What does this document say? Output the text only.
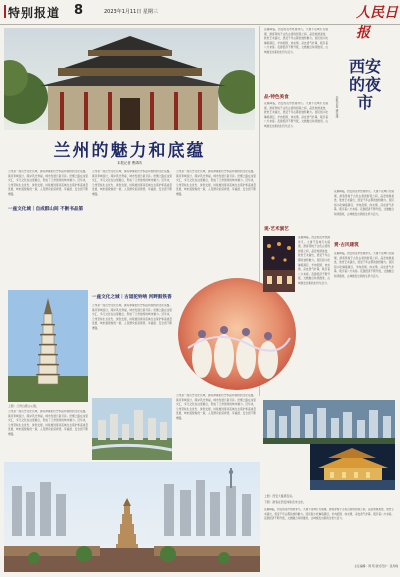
特别报道 8	2023年1月11日 星期三	人民日报
兰州的魅力和底蕴
本报记者 曹鸿鸣
兰州是一座历史文化名城，拥有厚重的历史积淀和独特的文化底蕴。黄河穿城而过，两岸风光秀丽，城市发展日新月异。丝绸之路在这里交汇，多元文化在这里融合，形成了兰州独特的城市魅力。近年来，兰州坚持生态优先、绿色发展，持续推进黄河流域生态保护和高质量发展，城市面貌焕然一新，人民群众的获得感、幸福感、安全感不断增强。
兰州是一座历史文化名城，拥有厚重的历史积淀和独特的文化底蕴。黄河穿城而过，两岸风光秀丽，城市发展日新月异。丝绸之路在这里交汇，多元文化在这里融合，形成了兰州独特的城市魅力。近年来，兰州坚持生态优先、绿色发展，持续推进黄河流域生态保护和高质量发展，城市面貌焕然一新，人民群众的获得感、幸福感、安全感不断增强。
兰州是一座历史文化名城，拥有厚重的历史积淀和独特的文化底蕴。黄河穿城而过，两岸风光秀丽，城市发展日新月异。丝绸之路在这里交汇，多元文化在这里融合，形成了兰州独特的城市魅力。近年来，兰州坚持生态优先、绿色发展，持续推进黄河流域生态保护和高质量发展，城市面貌焕然一新，人民群众的获得感、幸福感、安全感不断增强。
一座文化城｜自成群山间 不断书品第
上图：兰州白塔山公园。
兰州是一座历史文化名城，拥有厚重的历史积淀和独特的文化底蕴。黄河穿城而过，两岸风光秀丽，城市发展日新月异。丝绸之路在这里交汇，多元文化在这里融合，形成了兰州独特的城市魅力。近年来，兰州坚持生态优先、绿色发展，持续推进黄河流域生态保护和高质量发展，城市面貌焕然一新，人民群众的获得感、幸福感、安全感不断增强。
一座文化之城｜古道驼铃响 河畔鼓铁香
兰州是一座历史文化名城，拥有厚重的历史积淀和独特的文化底蕴。黄河穿城而过，两岸风光秀丽，城市发展日新月异。丝绸之路在这里交汇，多元文化在这里融合，形成了兰州独特的城市魅力。近年来，兰州坚持生态优先、绿色发展，持续推进黄河流域生态保护和高质量发展，城市面貌焕然一新，人民群众的获得感、幸福感、安全感不断增强。
兰州是一座历史文化名城，拥有厚重的历史积淀和独特的文化底蕴。黄河穿城而过，两岸风光秀丽，城市发展日新月异。丝绸之路在这里交汇，多元文化在这里融合，形成了兰州独特的城市魅力。近年来，兰州坚持生态优先、绿色发展，持续推进黄河流域生态保护和高质量发展，城市面貌焕然一新，人民群众的获得感、幸福感、安全感不断增强。
夜幕降临，西安的夜市热闹非凡。大唐不夜城灯火璀璨，游客穿梭于古色古香的街巷之间，品尝地道美食，欣赏艺术演出，感受千年古都的独特魅力。回民街小吃琳琅满目，羊肉泡馍、肉夹馍、凉皮香气扑鼻，吸引着八方来客。夜游经济不断升级，文旅融合持续推进，古城焕发出新的生机与活力。
品·特色美食
夜幕降临，西安的夜市热闹非凡。大唐不夜城灯火璀璨，游客穿梭于古色古香的街巷之间，品尝地道美食，欣赏艺术演出，感受千年古都的独特魅力。回民街小吃琳琅满目，羊肉泡馍、肉夹馍、凉皮香气扑鼻，吸引着八方来客。夜游经济不断升级，文旅融合持续推进，古城焕发出新的生机与活力。
西安
的夜
市
本报记者 龚仕建
夜幕降临，西安的夜市热闹非凡。大唐不夜城灯火璀璨，游客穿梭于古色古香的街巷之间，品尝地道美食，欣赏艺术演出，感受千年古都的独特魅力。回民街小吃琳琅满目，羊肉泡馍、肉夹馍、凉皮香气扑鼻，吸引着八方来客。夜游经济不断升级，文旅融合持续推进，古城焕发出新的生机与活力。
赏·古风建筑
夜幕降临，西安的夜市热闹非凡。大唐不夜城灯火璀璨，游客穿梭于古色古香的街巷之间，品尝地道美食，欣赏艺术演出，感受千年古都的独特魅力。回民街小吃琳琅满目，羊肉泡馍、肉夹馍、凉皮香气扑鼻，吸引着八方来客。夜游经济不断升级，文旅融合持续推进，古城焕发出新的生机与活力。
观·艺术演艺
夜幕降临，西安的夜市热闹非凡。大唐不夜城灯火璀璨，游客穿梭于古色古香的街巷之间，品尝地道美食，欣赏艺术演出，感受千年古都的独特魅力。回民街小吃琳琅满目，羊肉泡馍、肉夹馍、凉皮香气扑鼻，吸引着八方来客。夜游经济不断升级，文旅融合持续推进，古城焕发出新的生机与活力。
上图：西安大雁塔夜景。
下图：游客在西安体验夜市文化。
夜幕降临，西安的夜市热闹非凡。大唐不夜城灯火璀璨，游客穿梭于古色古香的街巷之间，品尝地道美食，欣赏艺术演出，感受千年古都的独特魅力。回民街小吃琳琅满目，羊肉泡馍、肉夹馍、凉皮香气扑鼻，吸引着八方来客。夜游经济不断升级，文旅融合持续推进，古城焕发出新的生机与活力。
主任编辑：周 琰 版式设计：张丹峰
